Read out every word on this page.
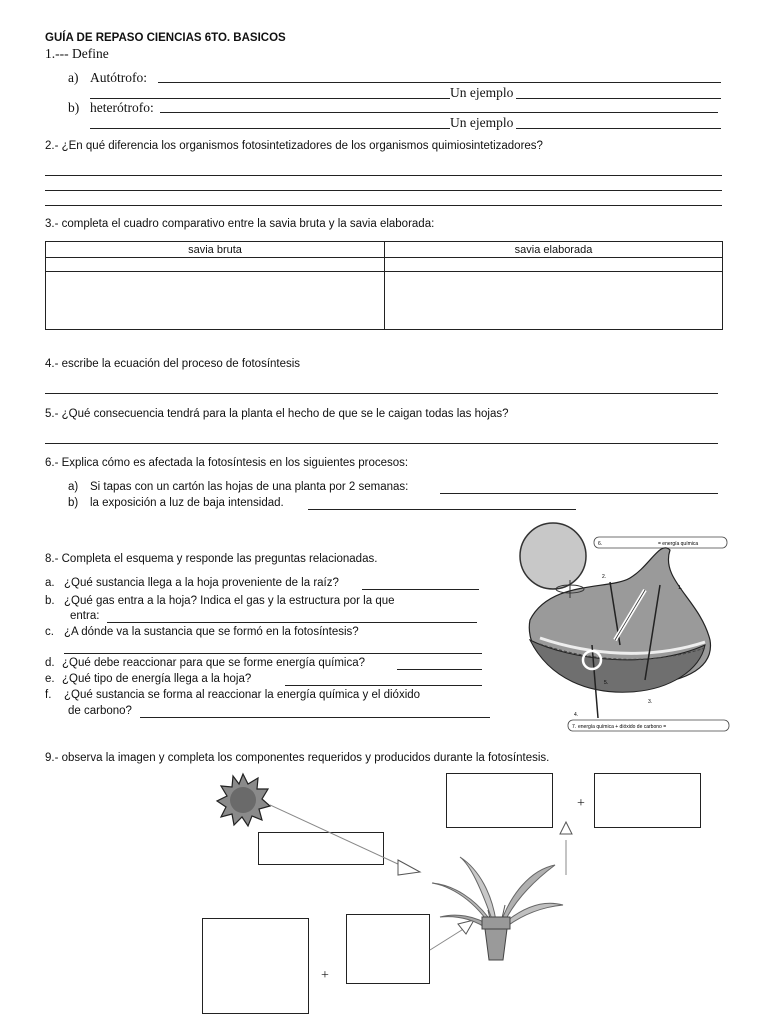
GUÍA DE REPASO CIENCIAS 6TO. BASICOS
1.--- Define
a) Autótrofo:
Un ejemplo
b) heterótrofo:
Un ejemplo
2.- ¿En qué diferencia los organismos fotosintetizadores de los organismos quimiosintetizadores?
3.- completa el cuadro comparativo entre la savia bruta y la savia elaborada:
savia bruta	savia elaborada

4.- escribe la ecuación del proceso de fotosíntesis
5.- ¿Qué consecuencia tendrá para la planta el hecho de que se le caigan todas las hojas?
6.- Explica cómo es afectada la fotosíntesis en los siguientes procesos:
a) Si tapas con un cartón las hojas de una planta por 2 semanas:
b) la exposición a luz de baja intensidad.
8.- Completa el esquema y responde las preguntas relacionadas.
a. ¿Qué sustancia llega a la hoja proveniente de la raíz?
b. ¿Qué gas entra a la hoja? Indica el gas y la estructura por la que
entra:
c. ¿A dónde va la sustancia que se formó en la fotosíntesis?
d. ¿Qué debe reaccionar para que se forme energía química?
e. ¿Qué tipo de energía llega a la hoja?
f. ¿Qué sustancia se forma al reaccionar la energía química y el dióxido
de carbono?
6.	= energía química
2.
1.
3.
4.
5.
7. energía química + dióxido de carbono =
9.- observa la imagen y completa los componentes requeridos y producidos durante la fotosíntesis.
+
+
